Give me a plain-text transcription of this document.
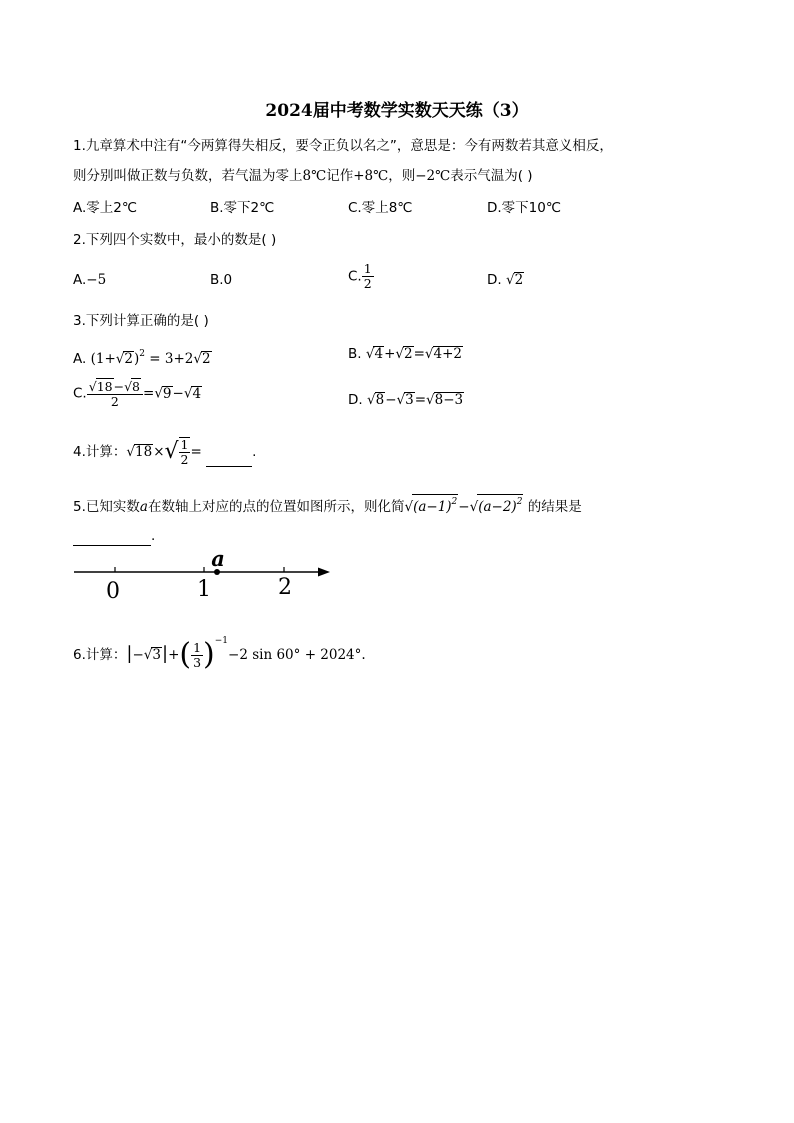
2024届中考数学实数天天练（3）
1.九章算术中注有“今两算得失相反，要令正负以名之”，意思是：今有两数若其意义相反，
则分别叫做正数与负数，若气温为零上8℃记作+8℃，则−2℃表示气温为( )
A.零上2℃	B.零下2℃	C.零上8℃	D.零下10℃
2.下列四个实数中，最小的数是( )
A.−5	B.0	C. $\frac{1}{2}$	D. √2
3.下列计算正确的是( )
A. $(1+√2)^2 = 3+2√2$	B. √4+√2=√4+2
C. $\frac{√18-√8}{2} =√9-√4$	D. √8−√3=√8−3
4.计算：$√18\times√ \frac{1}{2}$ =	.
5.已知实数a在数轴上对应的点的位置如图所示，则化简$√(a-1)^2-√(a-2)^2$ 的结果是
.
0	1	2
a
6.计算：$|-√3|+( \frac{1}{3} )^{-1}-2$ sin 60° + 2024°.
